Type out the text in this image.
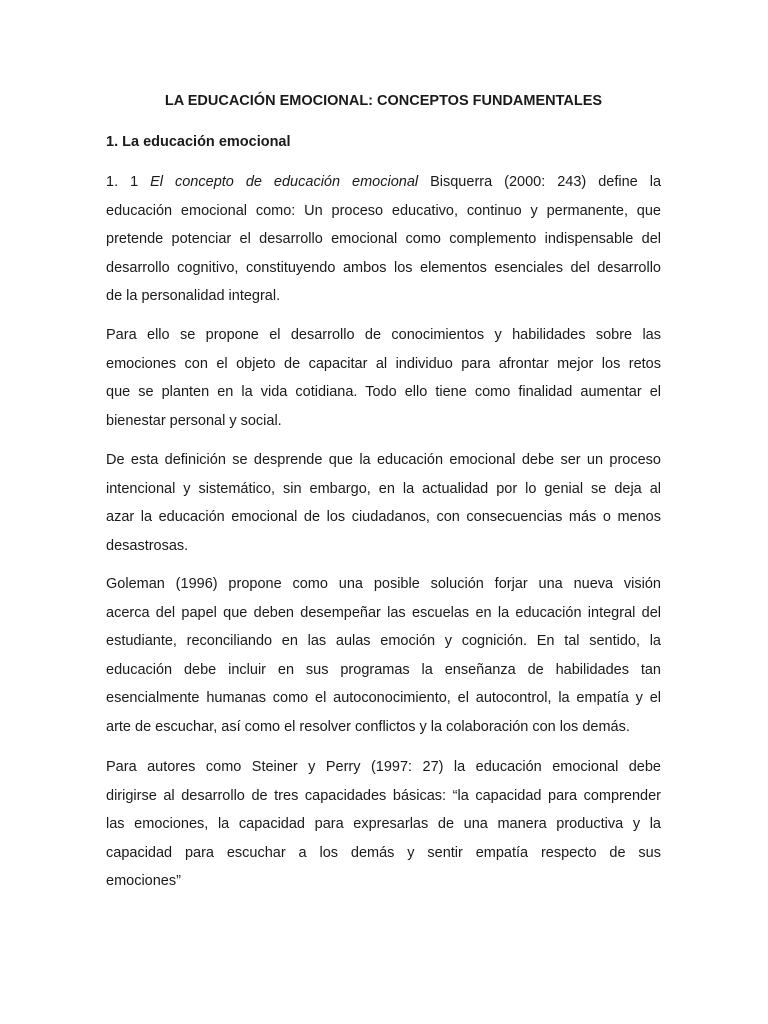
LA EDUCACIÓN EMOCIONAL: CONCEPTOS FUNDAMENTALES
1. La educación emocional

1. 1 El concepto de educación emocional Bisquerra (2000: 243) define la
educación emocional como: Un proceso educativo, continuo y permanente, que
pretende potenciar el desarrollo emocional como complemento indispensable del
desarrollo cognitivo, constituyendo ambos los elementos esenciales del desarrollo
de la personalidad integral.

Para ello se propone el desarrollo de conocimientos y habilidades sobre las
emociones con el objeto de capacitar al individuo para afrontar mejor los retos
que se planten en la vida cotidiana. Todo ello tiene como finalidad aumentar el
bienestar personal y social.

De esta definición se desprende que la educación emocional debe ser un proceso
intencional y sistemático, sin embargo, en la actualidad por lo genial se deja al
azar la educación emocional de los ciudadanos, con consecuencias más o menos
desastrosas.

Goleman (1996) propone como una posible solución forjar una nueva visión
acerca del papel que deben desempeñar las escuelas en la educación integral del
estudiante, reconciliando en las aulas emoción y cognición. En tal sentido, la
educación debe incluir en sus programas la enseñanza de habilidades tan
esencialmente humanas como el autoconocimiento, el autocontrol, la empatía y el
arte de escuchar, así como el resolver conflictos y la colaboración con los demás.

Para autores como Steiner y Perry (1997: 27) la educación emocional debe
dirigirse al desarrollo de tres capacidades básicas: “la capacidad para comprender
las emociones, la capacidad para expresarlas de una manera productiva y la
capacidad para escuchar a los demás y sentir empatía respecto de sus
emociones”
